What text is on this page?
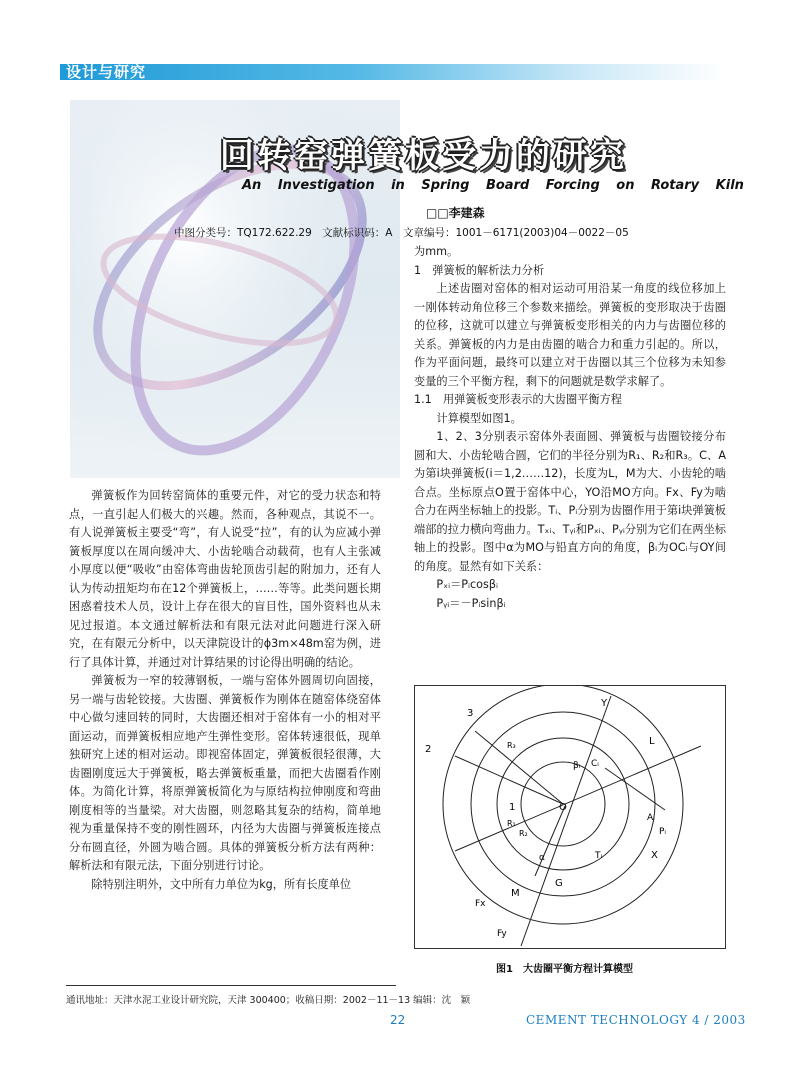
设计与研究
回转窑弹簧板受力的研究
An Investigation in Spring Board Forcing on Rotary Kiln
□□李建森
中图分类号：TQ172.622.29　文献标识码：A　文章编号：1001－6171(2003)04－0022－05

弹簧板作为回转窑筒体的重要元件，对它的受力状态和特点，一直引起人们极大的兴趣。然而，各种观点，其说不一。有人说弹簧板主要受“弯”，有人说受“拉”，有的认为应减小弹簧板厚度以在周向缓冲大、小齿轮啮合动载荷，也有人主张减小厚度以便“吸收”由窑体弯曲齿轮顶齿引起的附加力，还有人认为传动扭矩均布在12个弹簧板上，……等等。此类问题长期困惑着技术人员，设计上存在很大的盲目性，国外资料也从未见过报道。本文通过解析法和有限元法对此问题进行深入研究，在有限元分析中，以天津院设计的ϕ3m×48m窑为例，进行了具体计算，并通过对计算结果的讨论得出明确的结论。

弹簧板为一窄的较薄钢板，一端与窑体外圆周切向固接，另一端与齿轮铰接。大齿圈、弹簧板作为刚体在随窑体绕窑体中心做匀速回转的同时，大齿圈还相对于窑体有一小的相对平面运动，而弹簧板相应地产生弹性变形。窑体转速很低，现单独研究上述的相对运动。即视窑体固定，弹簧板很轻很薄，大齿圈刚度远大于弹簧板，略去弹簧板重量，而把大齿圈看作刚体。为简化计算，将原弹簧板简化为与原结构拉伸刚度和弯曲刚度相等的当量梁。对大齿圈，则忽略其复杂的结构，简单地视为重量保持不变的刚性圆环，内径为大齿圈与弹簧板连接点分布圆直径，外圆为啮合圆。具体的弹簧板分析方法有两种：解析法和有限元法，下面分别进行讨论。

除特别注明外，文中所有力单位为kg，所有长度单位

为mm。

1　弹簧板的解析法力分析

上述齿圈对窑体的相对运动可用沿某一角度的线位移加上一刚体转动角位移三个参数来描绘。弹簧板的变形取决于齿圈的位移，这就可以建立与弹簧板变形相关的内力与齿圈位移的关系。弹簧板的内力是由齿圈的啮合力和重力引起的。所以，作为平面问题，最终可以建立对于齿圈以其三个位移为未知参变量的三个平衡方程，剩下的问题就是数学求解了。

1.1　用弹簧板变形表示的大齿圈平衡方程

计算模型如图1。

1、2、3分别表示窑体外表面圆、弹簧板与齿圈铰接分布圆和大、小齿轮啮合圆，它们的半径分别为R₁、R₂和R₃。C、A为第i块弹簧板(i＝1,2……12)，长度为L，M为大、小齿轮的啮合点。坐标原点O置于窑体中心，YO沿MO方向。Fx、Fy为啮合力在两坐标轴上的投影。Tᵢ、Pᵢ分别为齿圈作用于第i块弹簧板端部的拉力横向弯曲力。Tₓᵢ、Tᵧᵢ和Pₓᵢ、Pᵧᵢ分别为它们在两坐标轴上的投影。图中α为MO与铅直方向的角度，βᵢ为OCᵢ与OY间的角度。显然有如下关系：

Pₓᵢ＝Pᵢcosβᵢ

Pᵧᵢ＝－Pᵢsinβᵢ

2
3
1
Y
L
O
Cᵢ
βᵢ
Aᵢ
Pᵢ
X
Tᵢ
R₃
R₁
R₂
α
G
M
Fx
Fy
图1　大齿圈平衡方程计算模型
通讯地址：天津水泥工业设计研究院，天津 300400；收稿日期：2002－11－13 编辑：沈　颖
22	CEMENT TECHNOLOGY 4 / 2003
